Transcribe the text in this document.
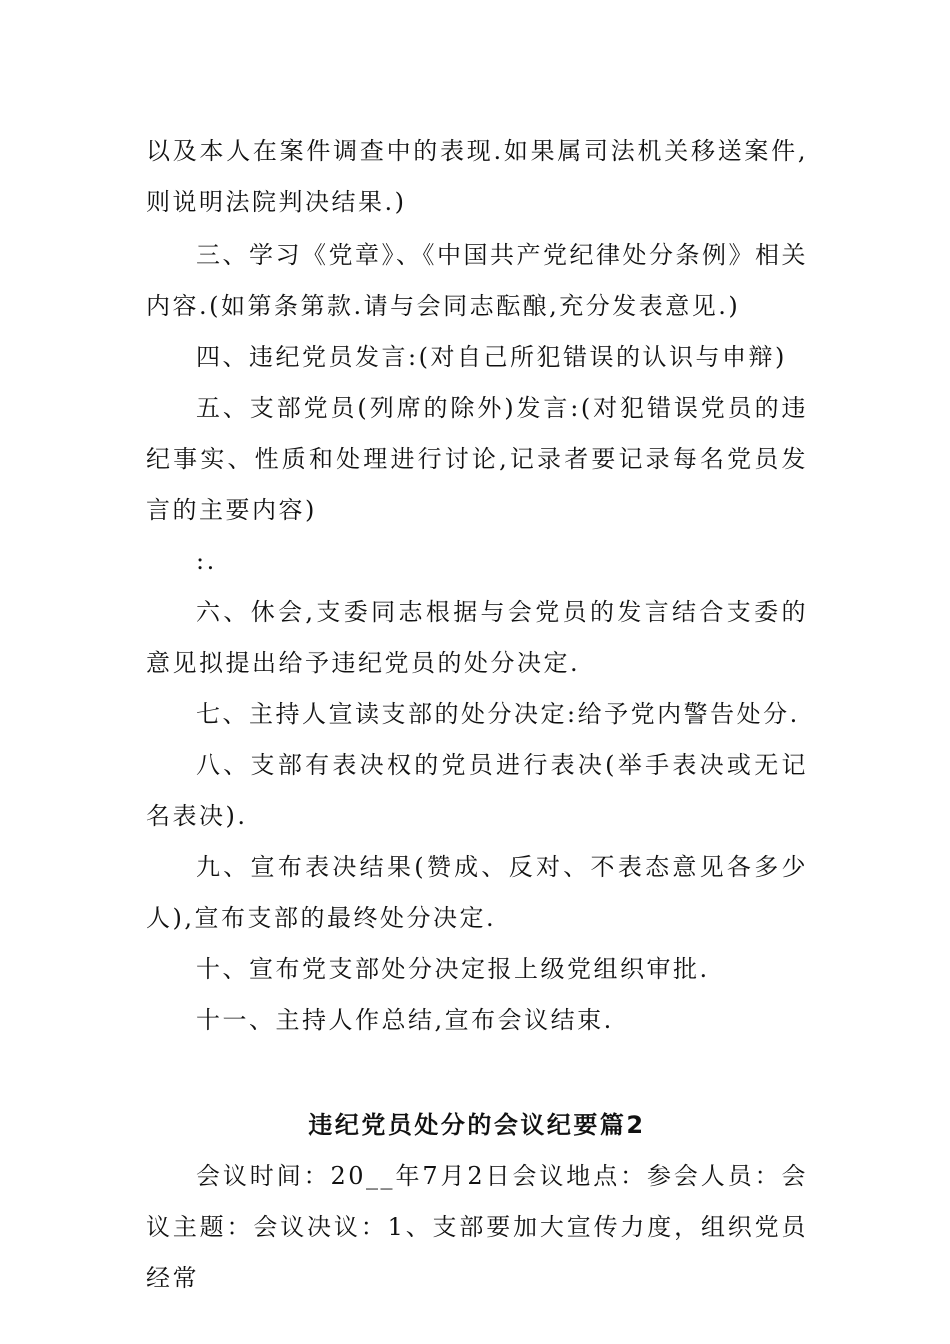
以及本人在案件调查中的表现.如果属司法机关移送案件,则说明法院判决结果.)

三、学习《党章》、《中国共产党纪律处分条例》相关内容.(如第条第款.请与会同志酝酿,充分发表意见.)

四、违纪党员发言:(对自己所犯错误的认识与申辩)

五、支部党员(列席的除外)发言:(对犯错误党员的违纪事实、性质和处理进行讨论,记录者要记录每名党员发言的主要内容)

:.

六、休会,支委同志根据与会党员的发言结合支委的意见拟提出给予违纪党员的处分决定.

七、主持人宣读支部的处分决定:给予党内警告处分.

八、支部有表决权的党员进行表决(举手表决或无记名表决).

九、宣布表决结果(赞成、反对、不表态意见各多少人),宣布支部的最终处分决定.

十、宣布党支部处分决定报上级党组织审批.

十一、主持人作总结,宣布会议结束.

违纪党员处分的会议纪要篇2

会议时间：20__年7月2日会议地点：参会人员：会议主题：会议决议：1、支部要加大宣传力度，组织党员经常
